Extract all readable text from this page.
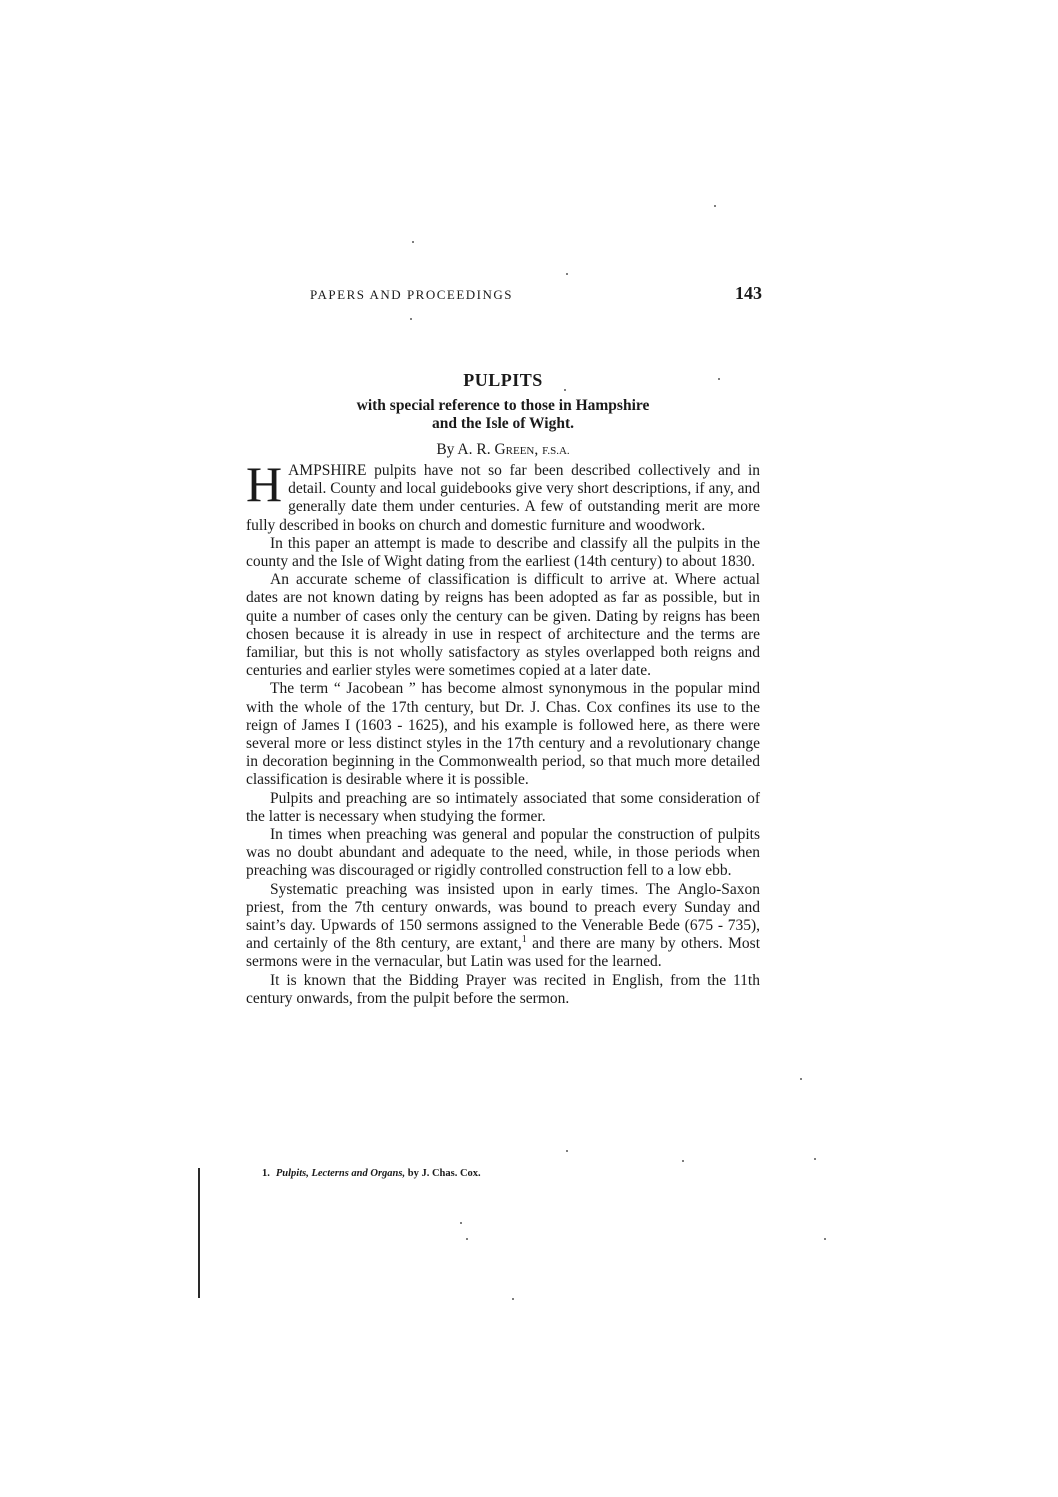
PAPERS AND PROCEEDINGS	143
PULPITS
with special reference to those in Hampshire
and the Isle of Wight.
By A. R. Green, F.S.A.

HAMPSHIRE pulpits have not so far been described collectively and in detail. County and local guidebooks give very short descriptions, if any, and generally date them under centuries. A few of outstanding merit are more fully described in books on church and domestic furniture and woodwork.

In this paper an attempt is made to describe and classify all the pulpits in the county and the Isle of Wight dating from the earliest (14th century) to about 1830.

An accurate scheme of classification is difficult to arrive at. Where actual dates are not known dating by reigns has been adopted as far as possible, but in quite a number of cases only the century can be given. Dating by reigns has been chosen because it is already in use in respect of architecture and the terms are familiar, but this is not wholly satisfactory as styles overlapped both reigns and centuries and earlier styles were sometimes copied at a later date.

The term “ Jacobean ” has become almost synonymous in the popular mind with the whole of the 17th century, but Dr. J. Chas. Cox confines its use to the reign of James I (1603 - 1625), and his example is followed here, as there were several more or less distinct styles in the 17th century and a revolutionary change in decoration beginning in the Commonwealth period, so that much more detailed classification is desirable where it is possible.

Pulpits and preaching are so intimately associated that some consideration of the latter is necessary when studying the former.

In times when preaching was general and popular the construction of pulpits was no doubt abundant and adequate to the need, while, in those periods when preaching was discouraged or rigidly controlled construction fell to a low ebb.

Systematic preaching was insisted upon in early times. The Anglo-Saxon priest, from the 7th century onwards, was bound to preach every Sunday and saint’s day. Upwards of 150 sermons assigned to the Venerable Bede (675 - 735), and certainly of the 8th century, are extant,$^1$ and there are many by others. Most sermons were in the vernacular, but Latin was used for the learned.

It is known that the Bidding Prayer was recited in English, from the 11th century onwards, from the pulpit before the sermon.

1. Pulpits, Lecterns and Organs, by J. Chas. Cox.
